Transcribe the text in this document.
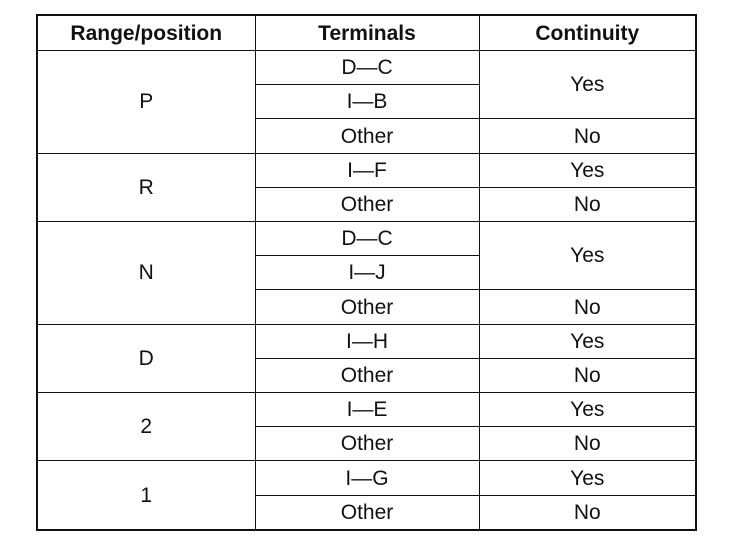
Range/position	Terminals	Continuity
P	D—C	Yes
	I—B	
	Other	No
R	I—F	Yes
	Other	No
N	D—C	Yes
	I—J	
	Other	No
D	I—H	Yes
	Other	No
2	I—E	Yes
	Other	No
1	I—G	Yes
	Other	No
